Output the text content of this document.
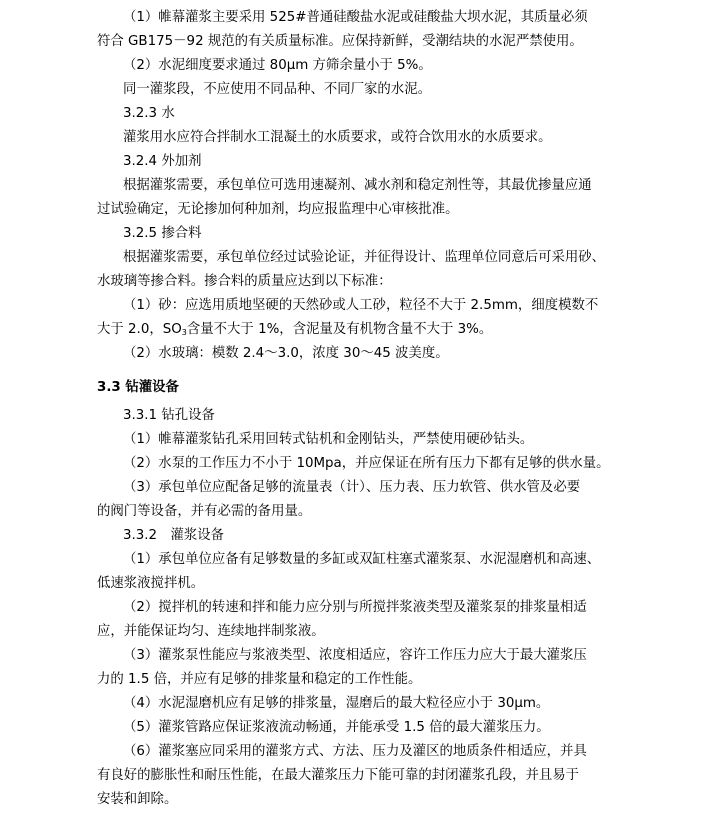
（1）帷幕灌浆主要采用 525#普通硅酸盐水泥或硅酸盐大坝水泥，其质量必须
符合 GB175－92 规范的有关质量标准。应保持新鲜，受潮结块的水泥严禁使用。
（2）水泥细度要求通过 80μm 方筛余量小于 5%。
同一灌浆段，不应使用不同品种、不同厂家的水泥。
3.2.3 水
灌浆用水应符合拌制水工混凝土的水质要求，或符合饮用水的水质要求。
3.2.4 外加剂
根据灌浆需要，承包单位可选用速凝剂、减水剂和稳定剂性等，其最优掺量应通
过试验确定，无论掺加何种加剂，均应报监理中心审核批准。
3.2.5 掺合料
根据灌浆需要，承包单位经过试验论证，并征得设计、监理单位同意后可采用砂、
水玻璃等掺合料。掺合料的质量应达到以下标准：
（1）砂：应选用质地坚硬的天然砂或人工砂，粒径不大于 2.5mm，细度模数不
大于 2.0，$SO_3$含量不大于 1%，含泥量及有机物含量不大于 3%。
（2）水玻璃：模数 2.4～3.0，浓度 30～45 波美度。
3.3 钻灌设备
3.3.1 钻孔设备
（1）帷幕灌浆钻孔采用回转式钻机和金刚钻头，严禁使用硬砂钻头。
（2）水泵的工作压力不小于 10Mpa，并应保证在所有压力下都有足够的供水量。
（3）承包单位应配备足够的流量表（计）、压力表、压力软管、供水管及必要
的阀门等设备，并有必需的备用量。
3.3.2　灌浆设备
（1）承包单位应备有足够数量的多缸或双缸柱塞式灌浆泵、水泥湿磨机和高速、
低速浆液搅拌机。
（2）搅拌机的转速和拌和能力应分别与所搅拌浆液类型及灌浆泵的排浆量相适
应，并能保证均匀、连续地拌制浆液。
（3）灌浆泵性能应与浆液类型、浓度相适应，容许工作压力应大于最大灌浆压
力的 1.5 倍，并应有足够的排浆量和稳定的工作性能。
（4）水泥湿磨机应有足够的排浆量，湿磨后的最大粒径应小于 30μm。
（5）灌浆管路应保证浆液流动畅通，并能承受 1.5 倍的最大灌浆压力。
（6）灌浆塞应同采用的灌浆方式、方法、压力及灌区的地质条件相适应，并具
有良好的膨胀性和耐压性能，在最大灌浆压力下能可靠的封闭灌浆孔段，并且易于
安装和卸除。
